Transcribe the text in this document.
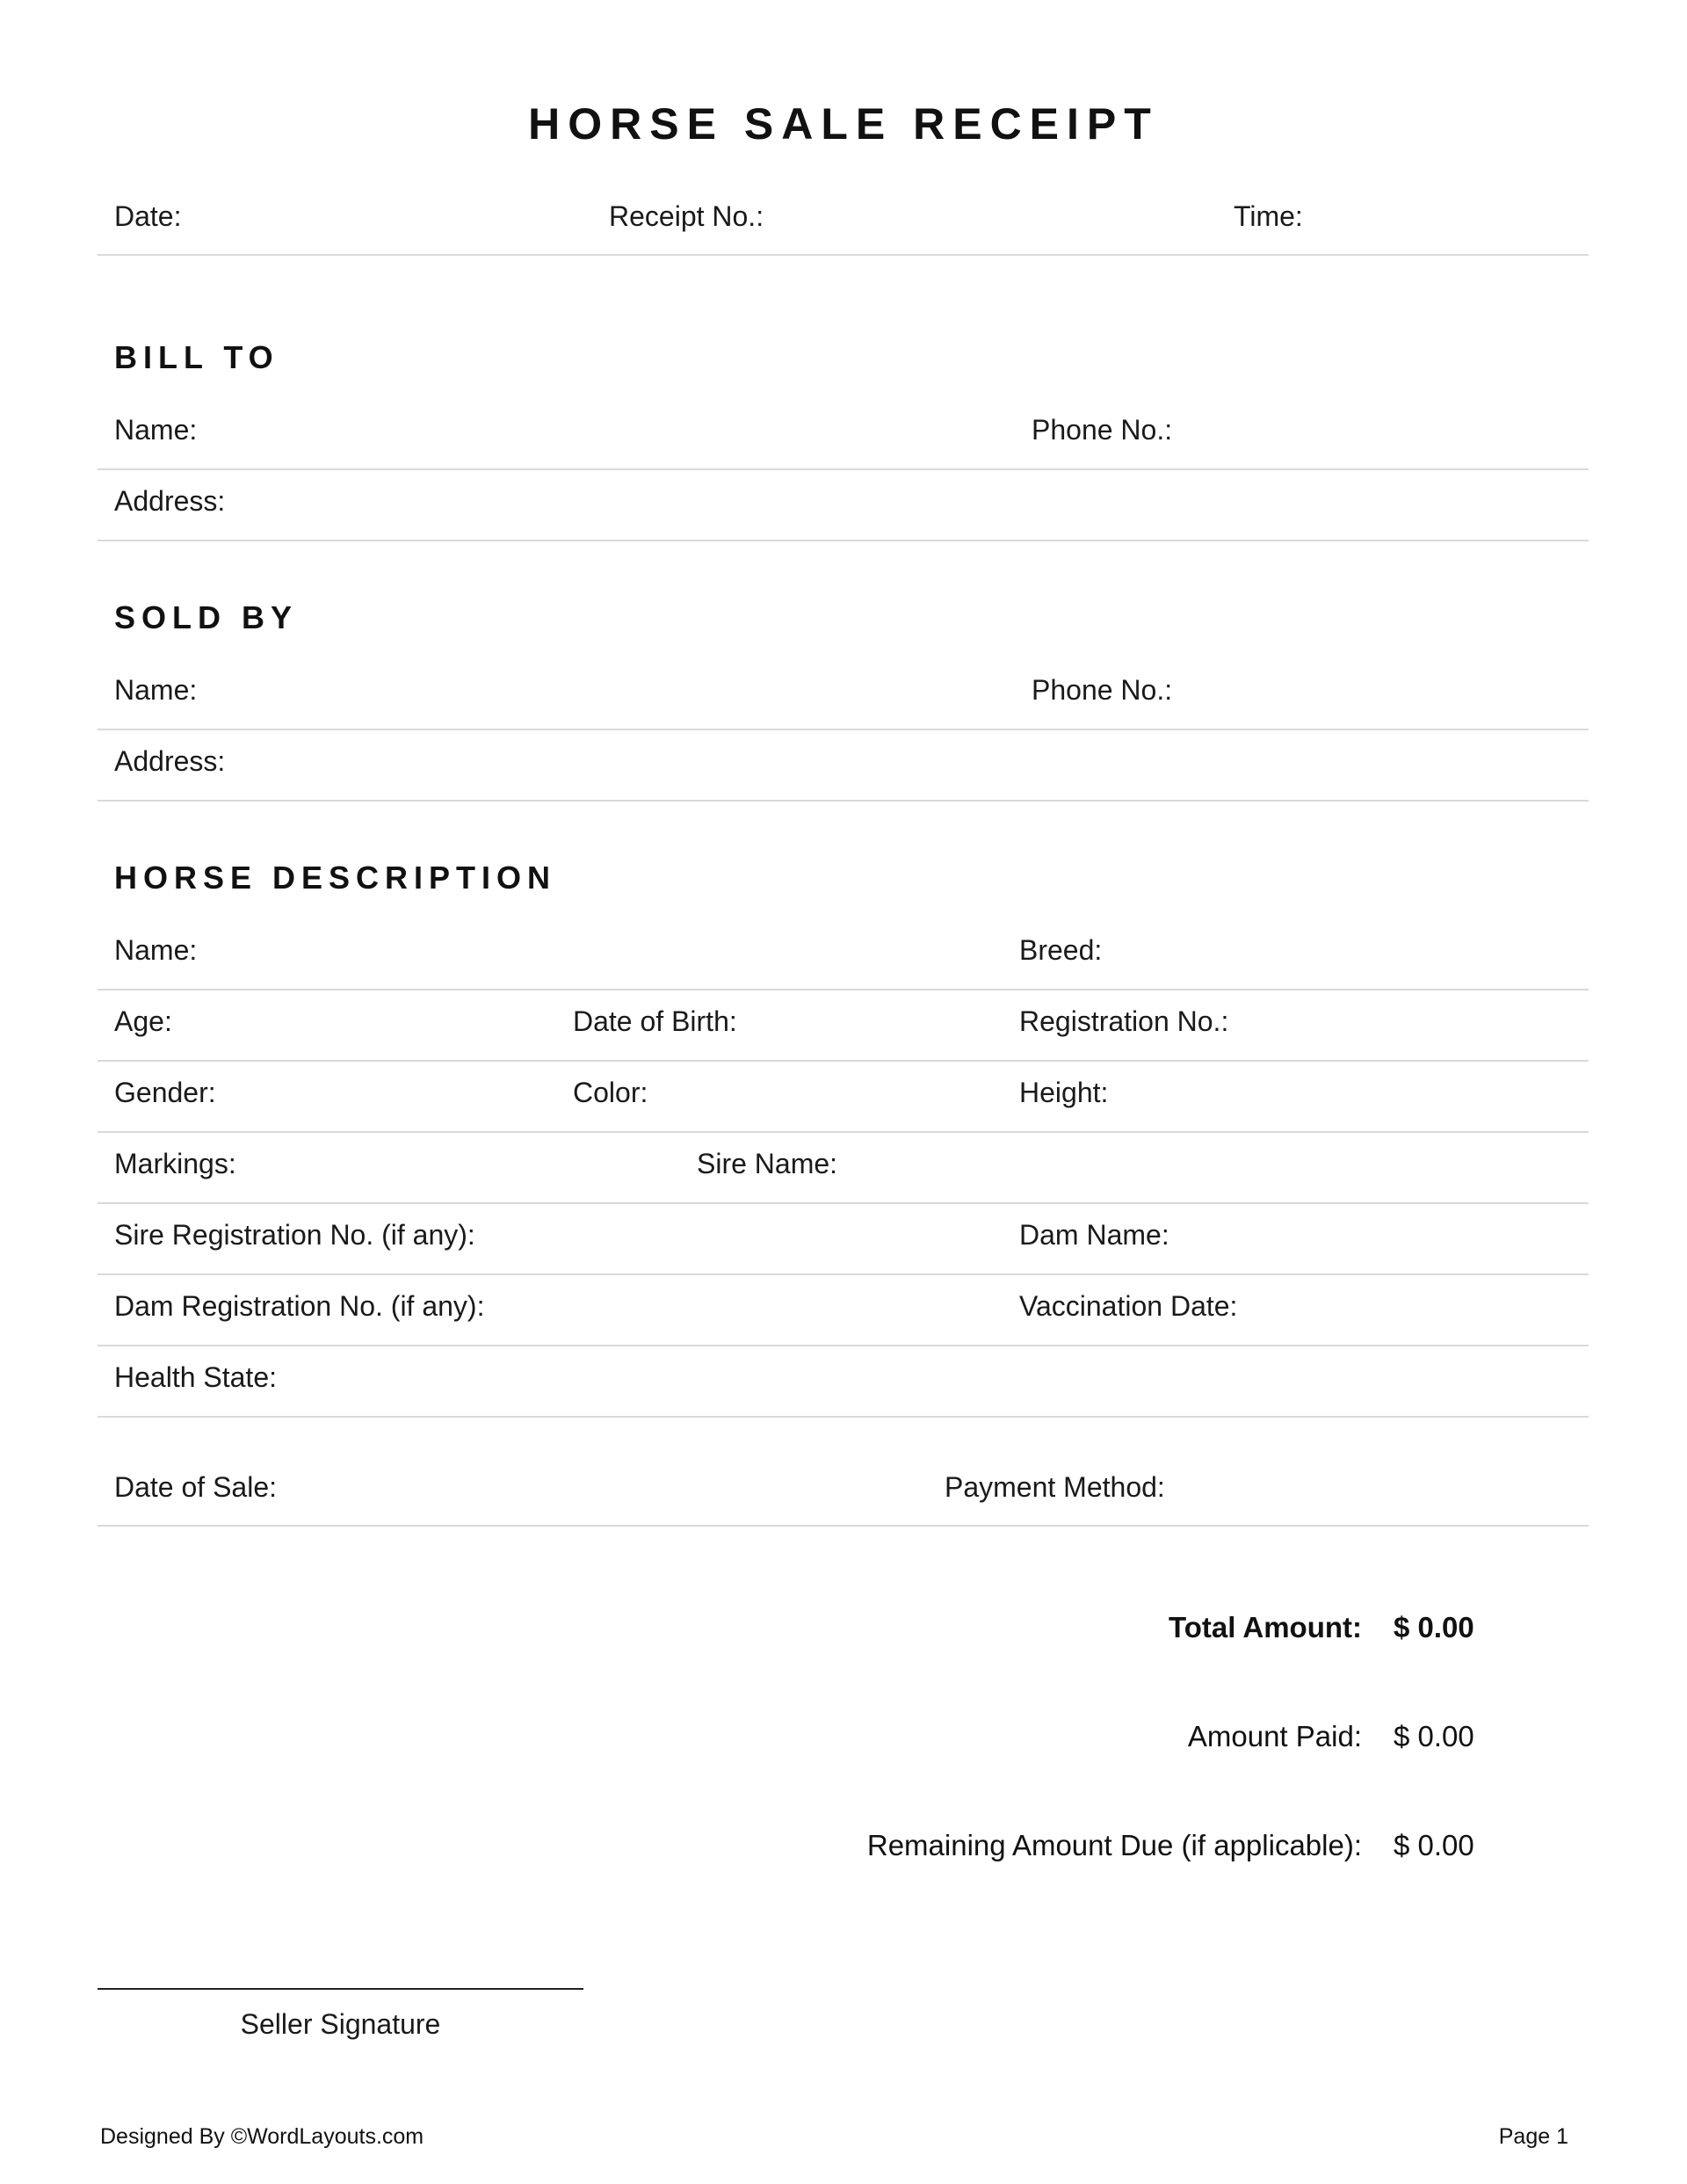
HORSE SALE RECEIPT
Date:	Receipt No.:	Time:
BILL TO
Name:	Phone No.:
Address:
SOLD BY
Name:	Phone No.:
Address:
HORSE DESCRIPTION
Name:	Breed:
Age:	Date of Birth:	Registration No.:
Gender:	Color:	Height:
Markings:	Sire Name:
Sire Registration No. (if any):	Dam Name:
Dam Registration No. (if any):	Vaccination Date:
Health State:
Date of Sale:	Payment Method:
Total Amount: $ 0.00
Amount Paid: $ 0.00
Remaining Amount Due (if applicable): $ 0.00
Seller Signature
Designed By ©WordLayouts.com	Page 1
